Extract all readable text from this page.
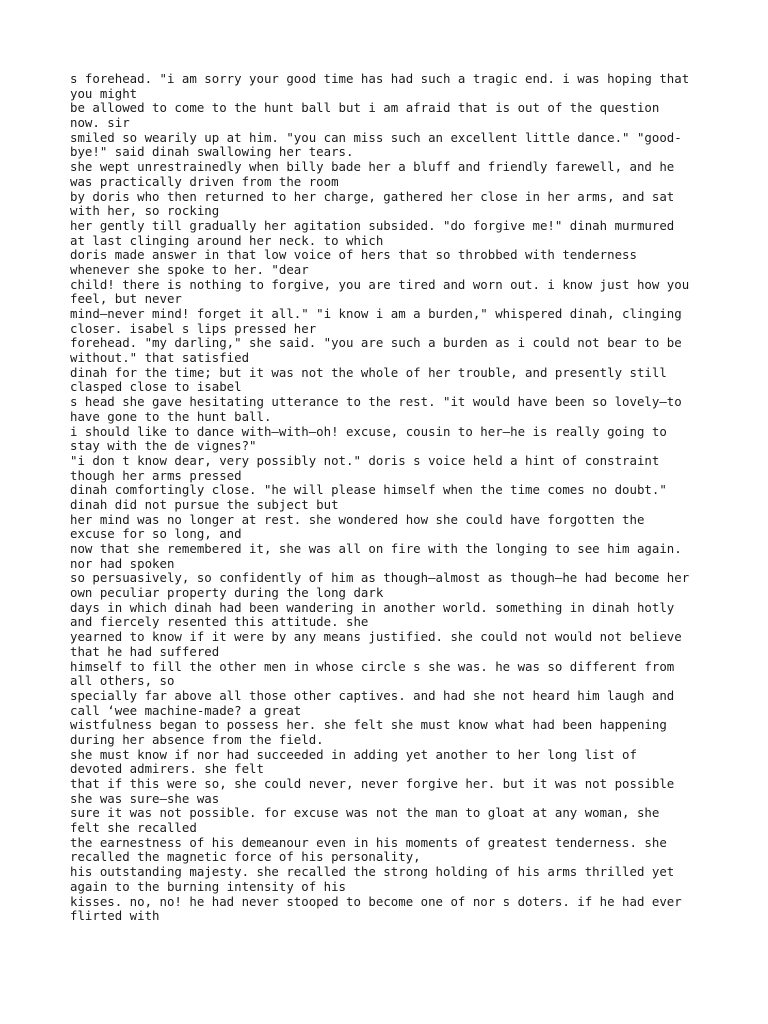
s forehead. "i am sorry your good time has had such a tragic end. i was hoping that
you might
be allowed to come to the hunt ball but i am afraid that is out of the question
now. sir
smiled so wearily up at him. "you can miss such an excellent little dance." "good-
bye!" said dinah swallowing her tears.
she wept unrestrainedly when billy bade her a bluff and friendly farewell, and he
was practically driven from the room
by doris who then returned to her charge, gathered her close in her arms, and sat
with her, so rocking
her gently till gradually her agitation subsided. "do forgive me!" dinah murmured
at last clinging around her neck. to which
doris made answer in that low voice of hers that so throbbed with tenderness
whenever she spoke to her. "dear
child! there is nothing to forgive, you are tired and worn out. i know just how you
feel, but never
mind–never mind! forget it all." "i know i am a burden," whispered dinah, clinging
closer. isabel s lips pressed her
forehead. "my darling," she said. "you are such a burden as i could not bear to be
without." that satisfied
dinah for the time; but it was not the whole of her trouble, and presently still
clasped close to isabel
s head she gave hesitating utterance to the rest. "it would have been so lovely–to
have gone to the hunt ball.
i should like to dance with–with–oh! excuse, cousin to her–he is really going to
stay with the de vignes?"
"i don t know dear, very possibly not." doris s voice held a hint of constraint
though her arms pressed
dinah comfortingly close. "he will please himself when the time comes no doubt."
dinah did not pursue the subject but
her mind was no longer at rest. she wondered how she could have forgotten the
excuse for so long, and
now that she remembered it, she was all on fire with the longing to see him again.
nor had spoken
so persuasively, so confidently of him as though–almost as though–he had become her
own peculiar property during the long dark
days in which dinah had been wandering in another world. something in dinah hotly
and fiercely resented this attitude. she
yearned to know if it were by any means justified. she could not would not believe
that he had suffered
himself to fill the other men in whose circle s she was. he was so different from
all others, so
specially far above all those other captives. and had she not heard him laugh and
call ‘wee machine-made? a great
wistfulness began to possess her. she felt she must know what had been happening
during her absence from the field.
she must know if nor had succeeded in adding yet another to her long list of
devoted admirers. she felt
that if this were so, she could never, never forgive her. but it was not possible
she was sure–she was
sure it was not possible. for excuse was not the man to gloat at any woman, she
felt she recalled
the earnestness of his demeanour even in his moments of greatest tenderness. she
recalled the magnetic force of his personality,
his outstanding majesty. she recalled the strong holding of his arms thrilled yet
again to the burning intensity of his
kisses. no, no! he had never stooped to become one of nor s doters. if he had ever
flirted with
